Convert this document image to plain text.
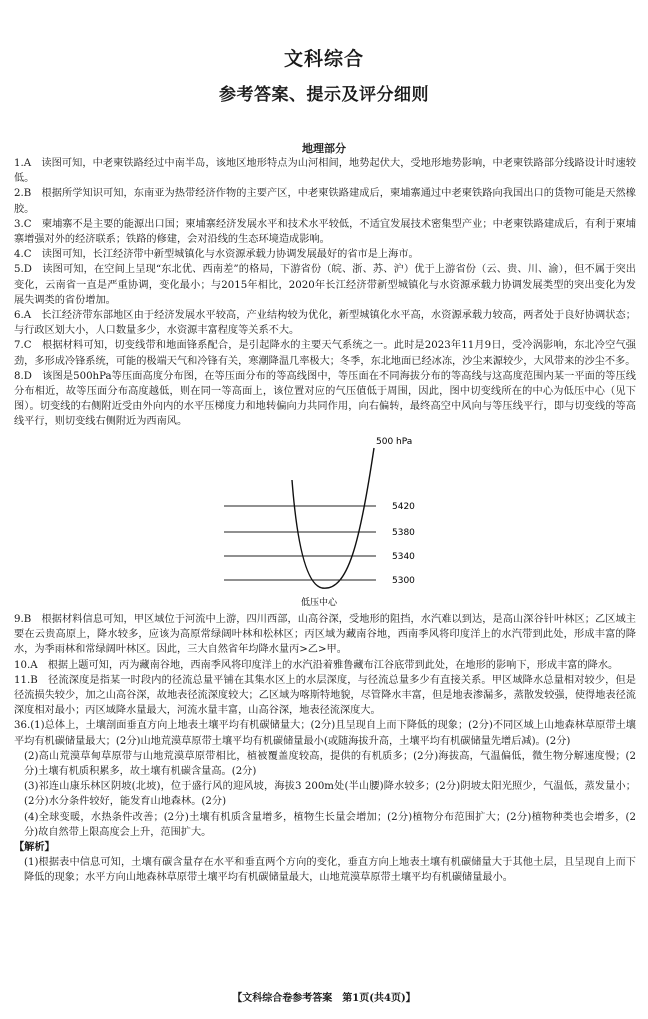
文科综合
参考答案、提示及评分细则
地理部分

1.A　读图可知，中老柬铁路经过中南半岛，该地区地形特点为山河相间，地势起伏大，受地形地势影响，中老柬铁路部分线路设计时速较低。

2.B　根据所学知识可知，东南亚为热带经济作物的主要产区，中老柬铁路建成后，柬埔寨通过中老柬铁路向我国出口的货物可能是天然橡胶。

3.C　柬埔寨不是主要的能源出口国；柬埔寨经济发展水平和技术水平较低，不适宜发展技术密集型产业；中老柬铁路建成后，有利于柬埔寨增强对外的经济联系；铁路的修建，会对沿线的生态环境造成影响。

4.C　读图可知，长江经济带中新型城镇化与水资源承载力协调发展最好的省市是上海市。

5.D　读图可知，在空间上呈现“东北优、西南差”的格局，下游省份（皖、浙、苏、沪）优于上游省份（云、贵、川、渝），但不属于突出变化，云南省一直是严重协调，变化最小；与2015年相比，2020年长江经济带新型城镇化与水资源承载力协调发展类型的突出变化为发展失调类的省份增加。

6.A　长江经济带东部地区由于经济发展水平较高，产业结构较为优化，新型城镇化水平高，水资源承载力较高，两者处于良好协调状态；与行政区划大小，人口数量多少，水资源丰富程度等关系不大。

7.C　根据材料可知，切变线带和地面锋系配合，是引起降水的主要天气系统之一。此时是2023年11月9日，受冷涡影响，东北冷空气强劲，多形成冷锋系统，可能的极端天气和冷锋有关，寒潮降温几率极大；冬季，东北地面已经冰冻，沙尘来源较少，大风带来的沙尘不多。

8.D　该图是500hPa等压面高度分布图，在等压面分布的等高线图中，等压面在不同海拔分布的等高线与这高度范围内某一平面的等压线分布相近，故等压面分布高度越低，则在同一等高面上，该位置对应的气压值低于周围，因此，图中切变线所在的中心为低压中心（见下图）。切变线的右侧附近受由外向内的水平压梯度力和地转偏向力共同作用，向右偏转，最终高空中风向与等压线平行，即与切变线的等高线平行，则切变线右侧附近为西南风。

500 hPa
5420
5380
5340
5300
低压中心

9.B　根据材料信息可知，甲区域位于河流中上游，四川西部，山高谷深，受地形的阻挡，水汽难以到达，是高山深谷针叶林区；乙区域主要在云贵高原上，降水较多，应该为高原常绿阔叶林和松林区；丙区域为藏南谷地，西南季风将印度洋上的水汽带到此处，形成丰富的降水，为季雨林和常绿阔叶林区。因此，三大自然省年均降水量丙>乙>甲。

10.A　根据上题可知，丙为藏南谷地，西南季风将印度洋上的水汽沿着雅鲁藏布江谷底带到此处，在地形的影响下，形成丰富的降水。

11.B　径流深度是指某一时段内的径流总量平铺在其集水区上的水层深度，与径流总量多少有直接关系。甲区域降水总量相对较少，但是径流损失较少，加之山高谷深，故地表径流深度较大；乙区域为喀斯特地貌，尽管降水丰富，但是地表渗漏多，蒸散发较强，使得地表径流深度相对最小；丙区域降水量最大，河流水量丰富，山高谷深，地表径流深度大。

36.(1)总体上，土壤剖面垂直方向上地表土壤平均有机碳储量大；(2分)且呈现自上而下降低的现象；(2分)不同区域上山地森林草原带土壤平均有机碳储量最大；(2分)山地荒漠草原带土壤平均有机碳储量最小(或随海拔升高，土壤平均有机碳储量先增后减)。(2分)

(2)高山荒漠草甸草原带与山地荒漠草原带相比，植被覆盖度较高，提供的有机质多；(2分)海拔高，气温偏低，微生物分解速度慢；(2分)土壤有机质积累多，故土壤有机碳含量高。(2分)

(3)祁连山康乐林区阴坡(北坡)，位于盛行风的迎风坡，海拔3 200m处(半山腰)降水较多；(2分)阴坡太阳光照少，气温低，蒸发量小；(2分)水分条件较好，能发育山地森林。(2分)

(4)全球变暖，水热条件改善；(2分)土壤有机质含量增多，植物生长量会增加；(2分)植物分布范围扩大；(2分)植物种类也会增多，(2分)故自然带上限高度会上升，范围扩大。

【解析】

(1)根据表中信息可知，土壤有碳含量存在水平和垂直两个方向的变化，垂直方向上地表土壤有机碳储量大于其他土层，且呈现自上而下降低的现象；水平方向山地森林草原带土壤平均有机碳储量最大，山地荒漠草原带土壤平均有机碳储量最小。

【文科综合卷参考答案　第1页(共4页)】
